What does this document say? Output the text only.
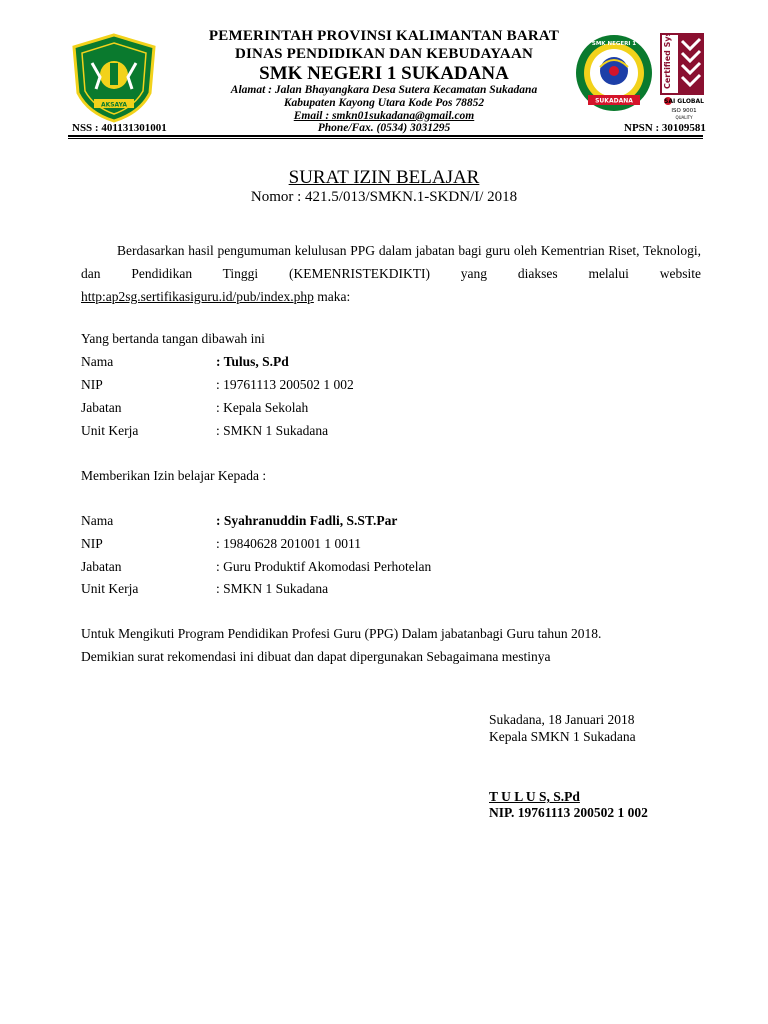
AKSAYA
SMK NEGERI 1
SUKADANA
Certified System
SAI GLOBAL
ISO 9001
QUALITY
PEMERINTAH PROVINSI KALIMANTAN BARAT
DINAS PENDIDIKAN DAN KEBUDAYAAN
SMK NEGERI 1 SUKADANA
Alamat : Jalan Bhayangkara Desa Sutera Kecamatan Sukadana
Kabupaten Kayong Utara Kode Pos 78852
Email : smkn01sukadana@gmail.com
Phone/Fax. (0534) 3031295
NSS : 401131301001	NPSN : 30109581
SURAT IZIN BELAJAR
Nomor : 421.5/013/SMKN.1-SKDN/I/ 2018
Berdasarkan hasil pengumuman kelulusan PPG dalam jabatan bagi guru oleh Kementrian Riset, Teknologi, dan Pendidikan Tinggi (KEMENRISTEKDIKTI) yang diakses melalui website http:ap2sg.sertifikasiguru.id/pub/index.php maka:
Yang bertanda tangan dibawah ini
Nama	: Tulus, S.Pd
NIP	: 19761113 200502 1 002
Jabatan	: Kepala Sekolah
Unit Kerja	: SMKN 1 Sukadana
Memberikan Izin belajar Kepada :
Nama	: Syahranuddin Fadli, S.ST.Par
NIP	: 19840628 201001 1 0011
Jabatan	: Guru Produktif Akomodasi Perhotelan
Unit Kerja	: SMKN 1 Sukadana
Untuk Mengikuti Program Pendidikan Profesi Guru (PPG) Dalam jabatanbagi Guru tahun 2018.
Demikian surat rekomendasi ini dibuat dan dapat dipergunakan Sebagaimana mestinya
Sukadana, 18 Januari 2018
Kepala SMKN 1 Sukadana
T U L U S, S.Pd
NIP. 19761113 200502 1 002
